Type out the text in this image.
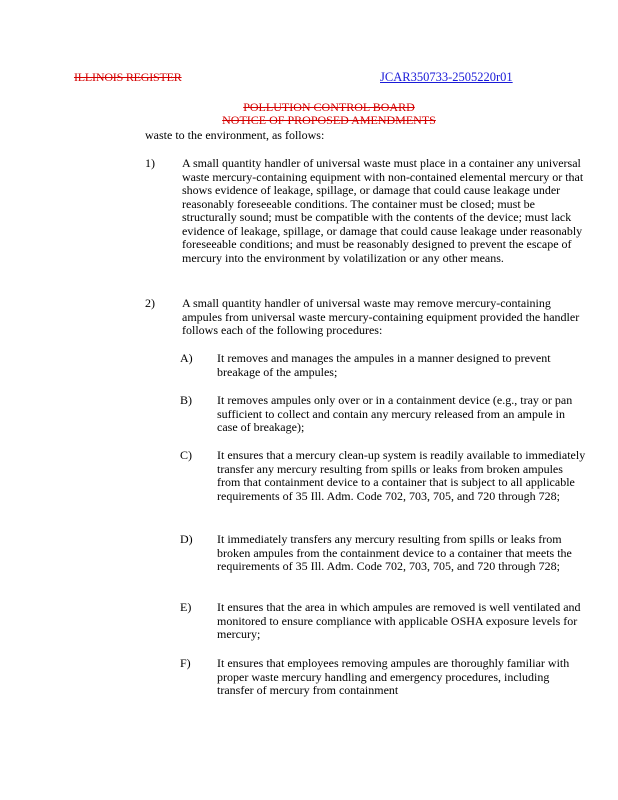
ILLINOIS REGISTER	JCAR350733-2505220r01
POLLUTION CONTROL BOARD
NOTICE OF PROPOSED AMENDMENTS
waste to the environment, as follows:
1) A small quantity handler of universal waste must place in a container any universal waste mercury-containing equipment with non-contained elemental mercury or that shows evidence of leakage, spillage, or damage that could cause leakage under reasonably foreseeable conditions. The container must be closed; must be structurally sound; must be compatible with the contents of the device; must lack evidence of leakage, spillage, or damage that could cause leakage under reasonably foreseeable conditions; and must be reasonably designed to prevent the escape of mercury into the environment by volatilization or any other means.
2) A small quantity handler of universal waste may remove mercury-containing ampules from universal waste mercury-containing equipment provided the handler follows each of the following procedures:
A) It removes and manages the ampules in a manner designed to prevent breakage of the ampules;
B) It removes ampules only over or in a containment device (e.g., tray or pan sufficient to collect and contain any mercury released from an ampule in case of breakage);
C) It ensures that a mercury clean-up system is readily available to immediately transfer any mercury resulting from spills or leaks from broken ampules from that containment device to a container that is subject to all applicable requirements of 35 Ill. Adm. Code 702, 703, 705, and 720 through 728;
D) It immediately transfers any mercury resulting from spills or leaks from broken ampules from the containment device to a container that meets the requirements of 35 Ill. Adm. Code 702, 703, 705, and 720 through 728;
E) It ensures that the area in which ampules are removed is well ventilated and monitored to ensure compliance with applicable OSHA exposure levels for mercury;
F) It ensures that employees removing ampules are thoroughly familiar with proper waste mercury handling and emergency procedures, including transfer of mercury from containment
